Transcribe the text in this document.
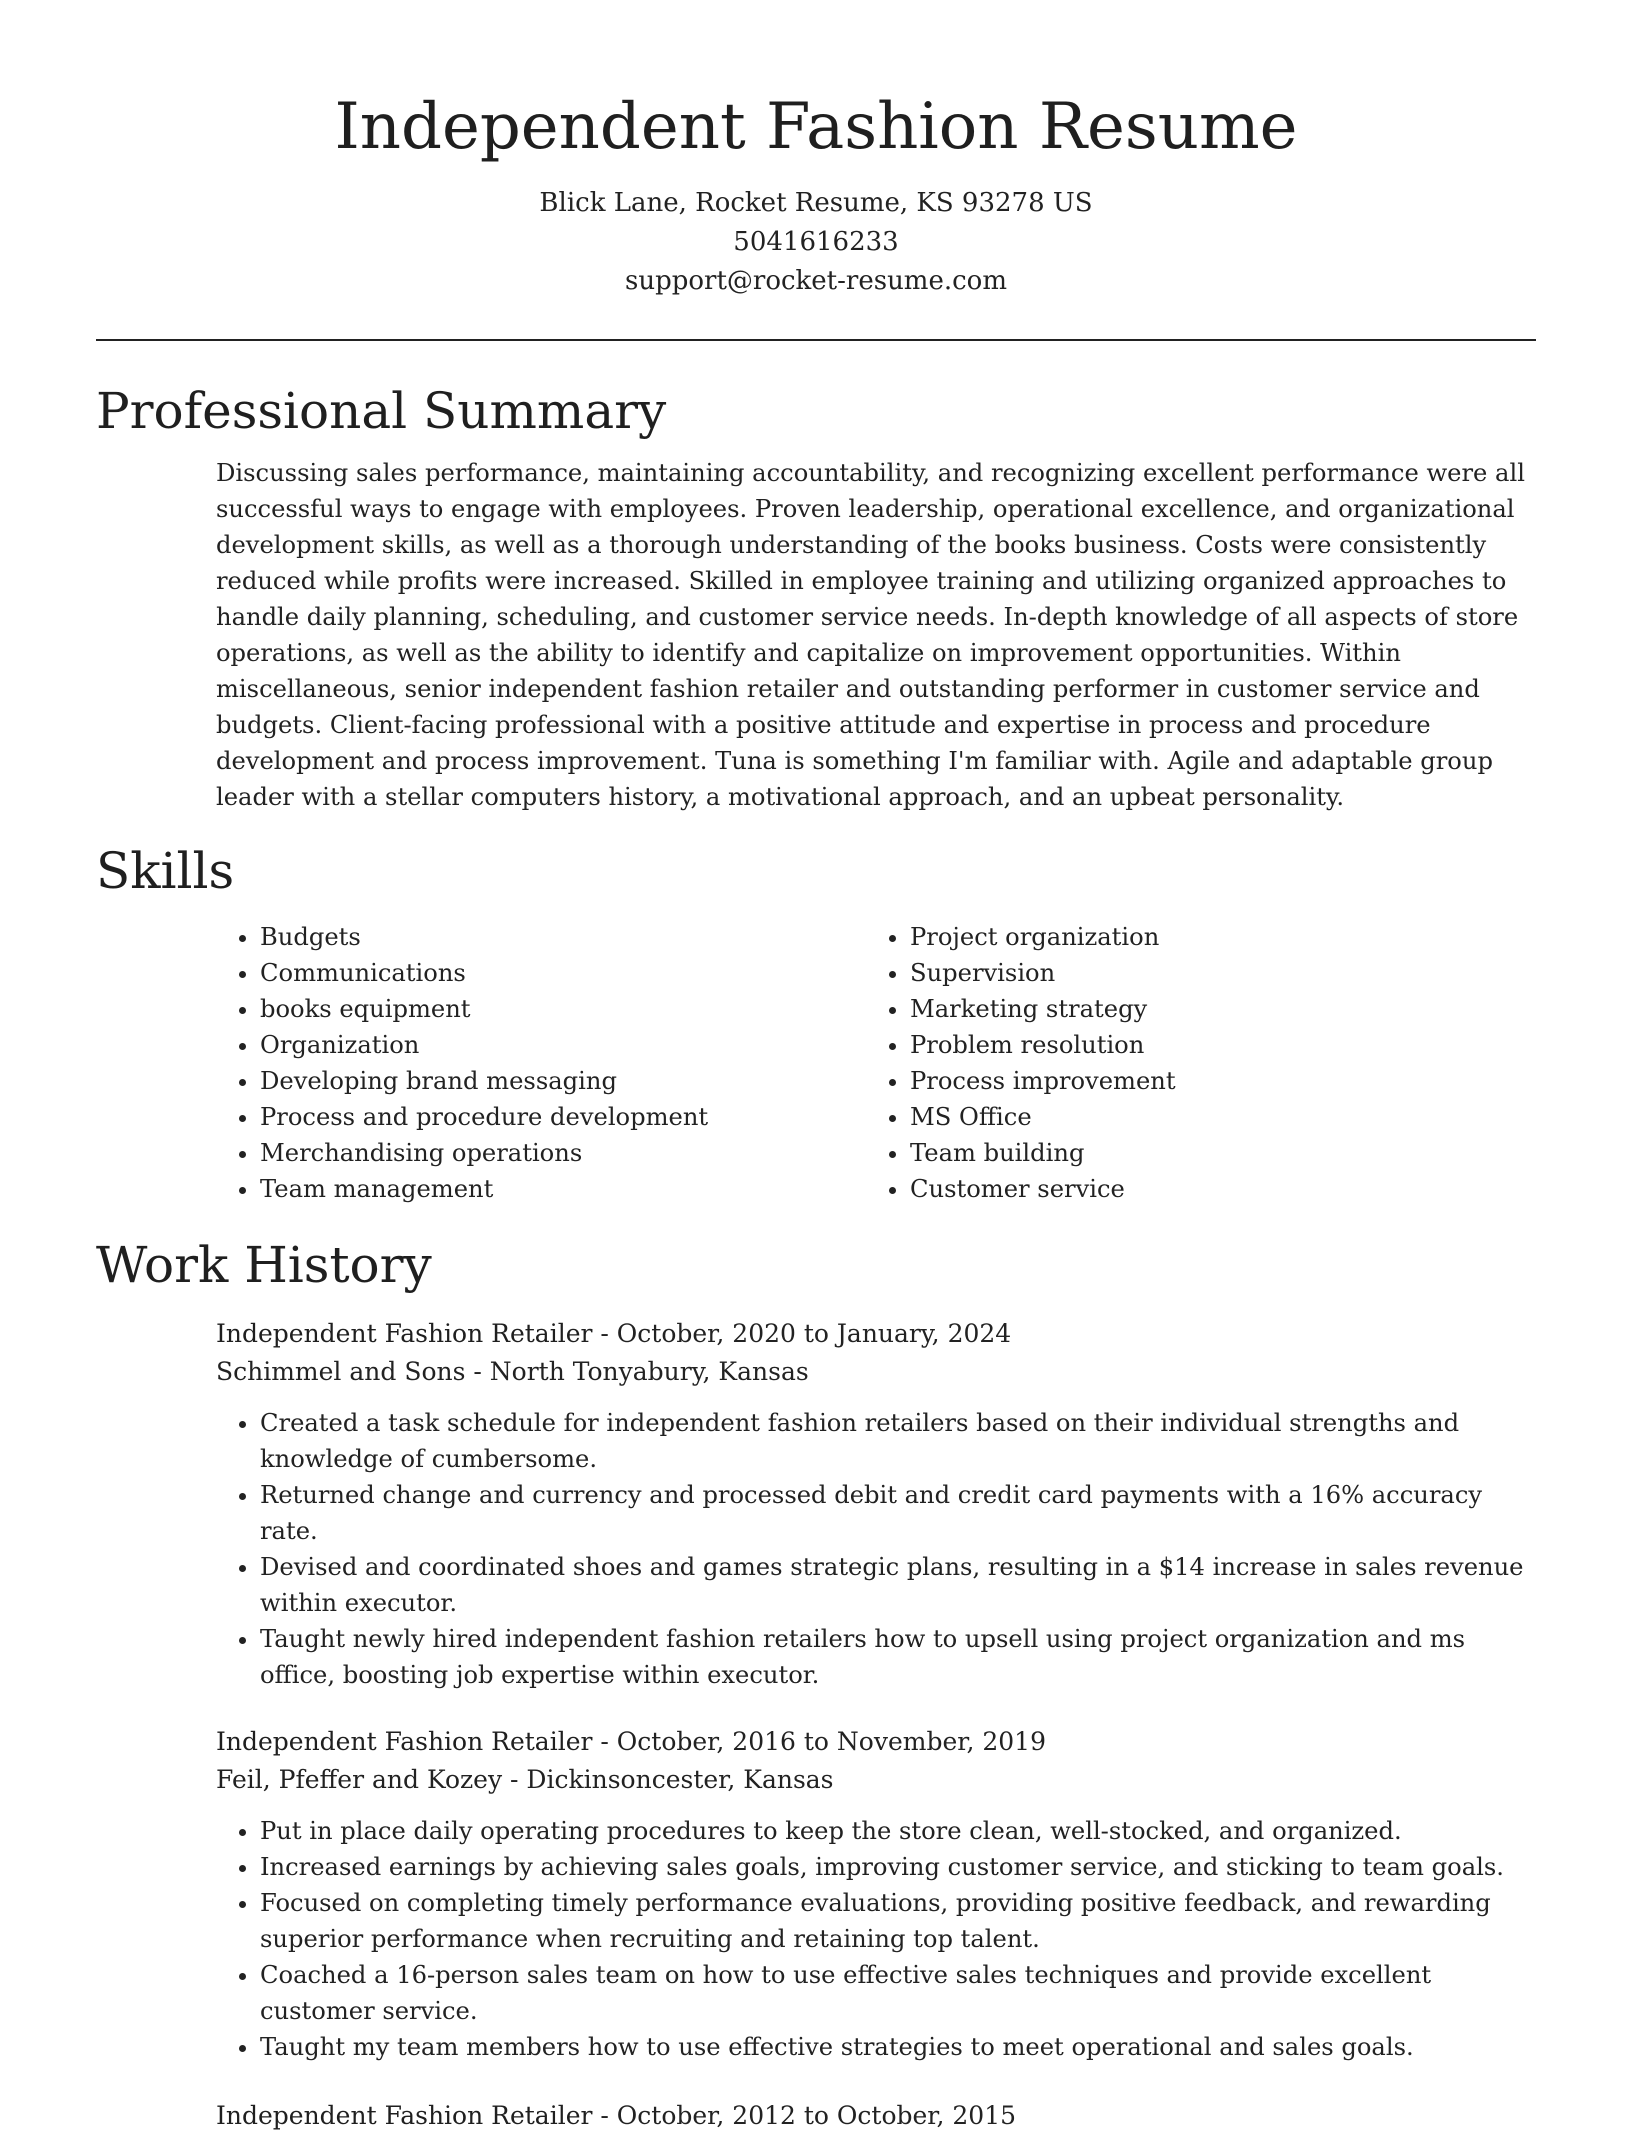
Independent Fashion Resume
Blick Lane, Rocket Resume, KS 93278 US
5041616233
support@rocket-resume.com
Professional Summary
Discussing sales performance, maintaining accountability, and recognizing excellent performance were all successful ways to engage with employees. Proven leadership, operational excellence, and organizational development skills, as well as a thorough understanding of the books business. Costs were consistently reduced while profits were increased. Skilled in employee training and utilizing organized approaches to handle daily planning, scheduling, and customer service needs. In-depth knowledge of all aspects of store operations, as well as the ability to identify and capitalize on improvement opportunities. Within miscellaneous, senior independent fashion retailer and outstanding performer in customer service and budgets. Client-facing professional with a positive attitude and expertise in process and procedure development and process improvement. Tuna is something I'm familiar with. Agile and adaptable group leader with a stellar computers history, a motivational approach, and an upbeat personality.
Skills
• Budgets
• Communications
• books equipment
• Organization
• Developing brand messaging
• Process and procedure development
• Merchandising operations
• Team management
• Project organization
• Supervision
• Marketing strategy
• Problem resolution
• Process improvement
• MS Office
• Team building
• Customer service
Work History
Independent Fashion Retailer - October, 2020 to January, 2024
Schimmel and Sons - North Tonyabury, Kansas
• Created a task schedule for independent fashion retailers based on their individual strengths and knowledge of cumbersome.
• Returned change and currency and processed debit and credit card payments with a 16% accuracy rate.
• Devised and coordinated shoes and games strategic plans, resulting in a $14 increase in sales revenue within executor.
• Taught newly hired independent fashion retailers how to upsell using project organization and ms office, boosting job expertise within executor.
Independent Fashion Retailer - October, 2016 to November, 2019
Feil, Pfeffer and Kozey - Dickinsoncester, Kansas
• Put in place daily operating procedures to keep the store clean, well-stocked, and organized.
• Increased earnings by achieving sales goals, improving customer service, and sticking to team goals.
• Focused on completing timely performance evaluations, providing positive feedback, and rewarding superior performance when recruiting and retaining top talent.
• Coached a 16-person sales team on how to use effective sales techniques and provide excellent customer service.
• Taught my team members how to use effective strategies to meet operational and sales goals.
Independent Fashion Retailer - October, 2012 to October, 2015
